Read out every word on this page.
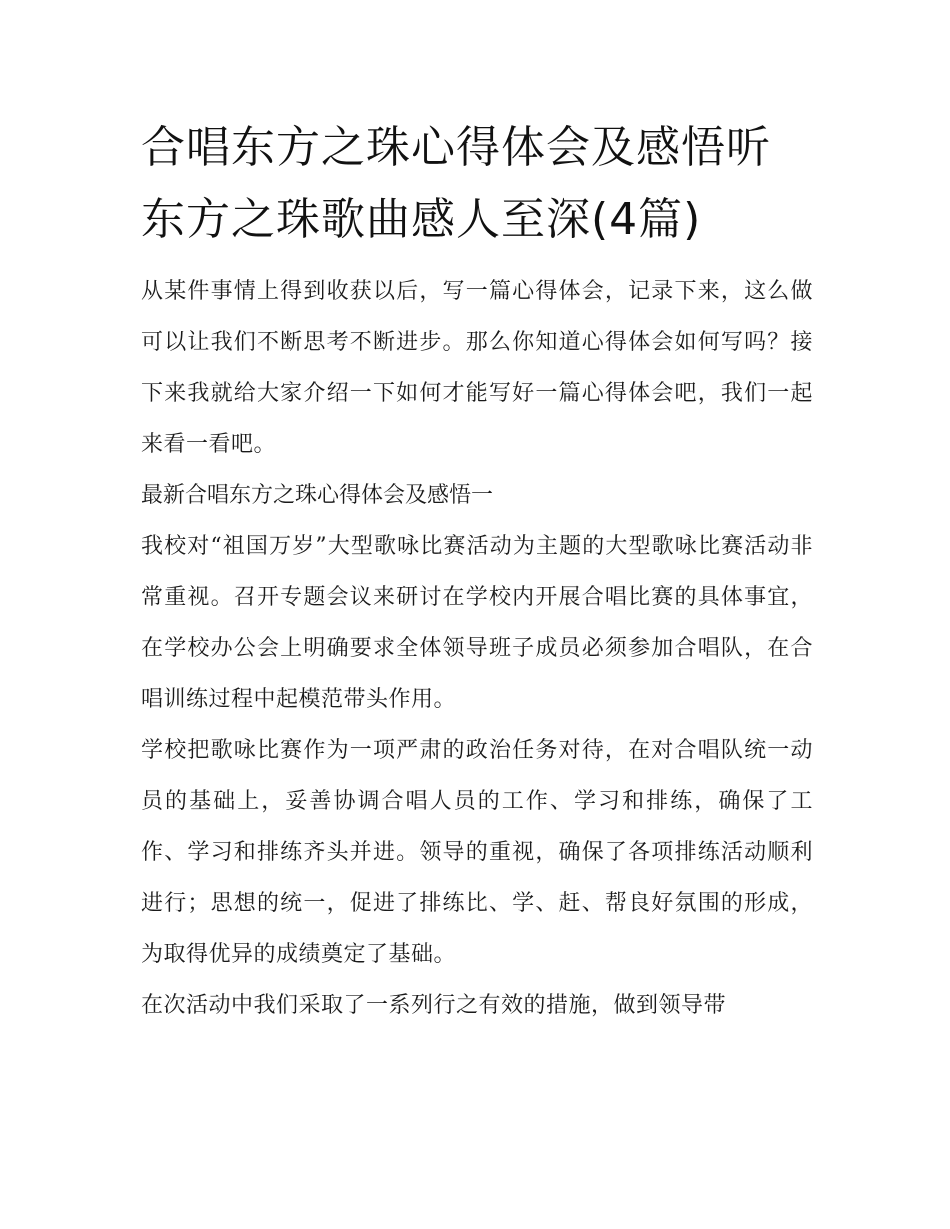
合唱东方之珠心得体会及感悟听东方之珠歌曲感人至深(4篇)

从某件事情上得到收获以后，写一篇心得体会，记录下来，这么做可以让我们不断思考不断进步。那么你知道心得体会如何写吗？接下来我就给大家介绍一下如何才能写好一篇心得体会吧，我们一起来看一看吧。

最新合唱东方之珠心得体会及感悟一

我校对“祖国万岁”大型歌咏比赛活动为主题的大型歌咏比赛活动非常重视。召开专题会议来研讨在学校内开展合唱比赛的具体事宜，在学校办公会上明确要求全体领导班子成员必须参加合唱队，在合唱训练过程中起模范带头作用。

学校把歌咏比赛作为一项严肃的政治任务对待，在对合唱队统一动员的基础上，妥善协调合唱人员的工作、学习和排练，确保了工作、学习和排练齐头并进。领导的重视，确保了各项排练活动顺利进行；思想的统一，促进了排练比、学、赶、帮良好氛围的形成，为取得优异的成绩奠定了基础。

在次活动中我们采取了一系列行之有效的措施，做到领导带
